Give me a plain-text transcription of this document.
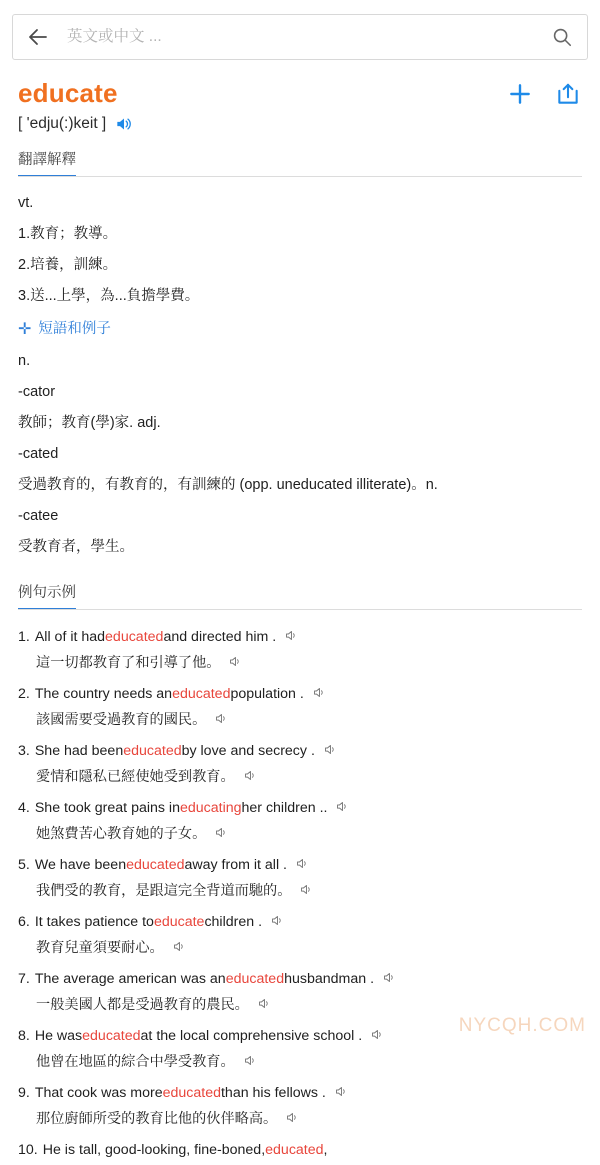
英文或中文 ...
educate
[ 'edju(:)keit ]
翻譯解釋
vt.
1.教育；教導。
2.培養，訓練。
3.送...上學，為...負擔學費。
✛ 短語和例子
n.
-cator
教師；教育(學)家. adj.
-cated
受過教育的，有教育的，有訓練的 (opp. uneducated illiterate)。n.
-catee
受教育者，學生。
例句示例
1. All of it had educated and directed him .
這一切都教育了和引導了他。
2. The country needs an educated population .
該國需要受過教育的國民。
3. She had been educated by love and secrecy .
愛情和隱私已經使她受到教育。
4. She took great pains in educating her children ..
她煞費苦心教育她的子女。
5. We have been educated away from it all .
我們受的教育，是跟這完全背道而馳的。
6. It takes patience to educate children .
教育兒童須要耐心。
7. The average american was an educated husbandman .
一般美國人都是受過教育的農民。
8. He was educated at the local comprehensive school .
他曾在地區的綜合中學受教育。
9. That cook was more educated than his fellows .
那位廚師所受的教育比他的伙伴略高。
10. He is tall, good-looking, fine-boned, educated ,
NYCQH.COM
